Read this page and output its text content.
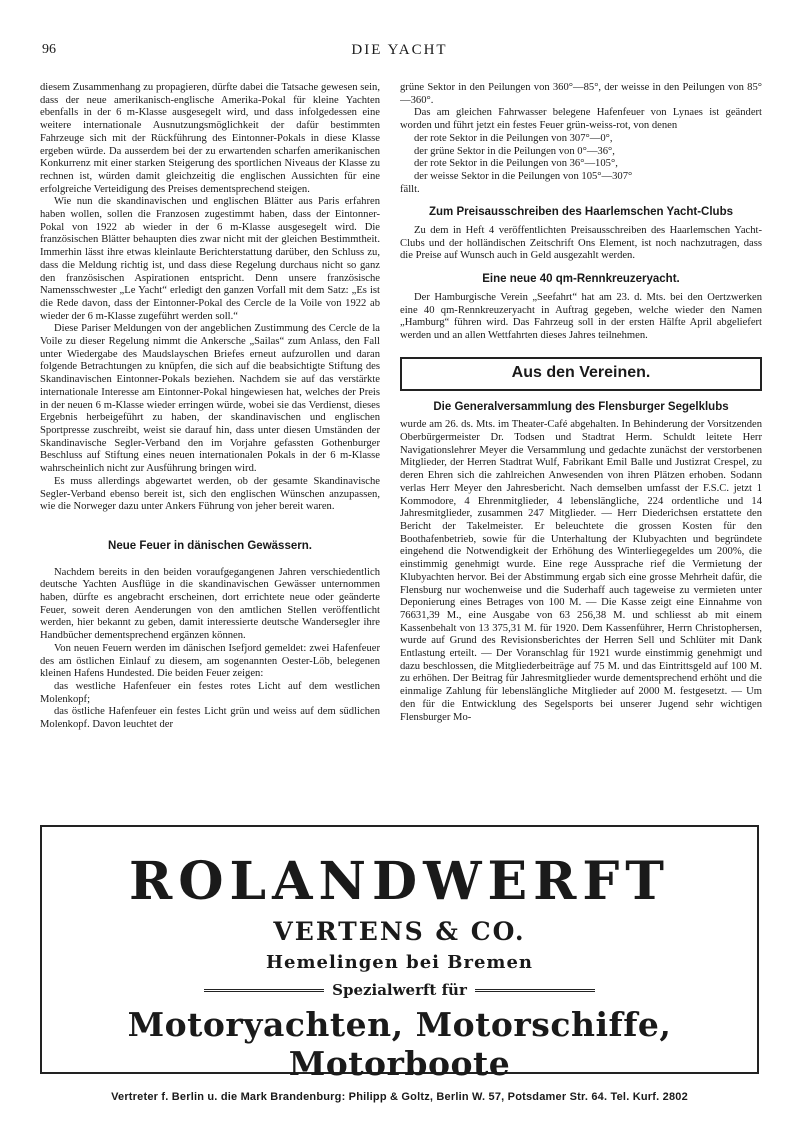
96	DIE YACHT

diesem Zusammenhang zu propagieren, dürfte dabei die Tatsache gewesen sein, dass der neue amerikanisch-englische Amerika-Pokal für kleine Yachten ebenfalls in der 6 m-Klasse ausgesegelt wird, und dass infolgedessen eine weitere internationale Ausnutzungsmöglichkeit der dafür bestimmten Fahrzeuge sich mit der Rückführung des Eintonner-Pokals in diese Klasse ergeben würde. Da ausserdem bei der zu erwartenden scharfen amerikanischen Konkurrenz mit einer starken Steigerung des sportlichen Niveaus der Klasse zu rechnen ist, würden damit gleichzeitig die englischen Aussichten für eine erfolgreiche Verteidigung des Preises dementsprechend steigen.

Wie nun die skandinavischen und englischen Blätter aus Paris erfahren haben wollen, sollen die Franzosen zugestimmt haben, dass der Eintonner-Pokal von 1922 ab wieder in der 6 m-Klasse ausgesegelt wird. Die französischen Blätter behaupten dies zwar nicht mit der gleichen Bestimmtheit. Immerhin lässt ihre etwas kleinlaute Berichterstattung darüber, den Schluss zu, dass die Meldung richtig ist, und dass diese Regelung durchaus nicht so ganz den französischen Aspirationen entspricht. Denn unsere französische Namensschwester „Le Yacht“ erledigt den ganzen Vorfall mit dem Satz: „Es ist die Rede davon, dass der Eintonner-Pokal des Cercle de la Voile von 1922 ab wieder der 6 m-Klasse zugeführt werden soll.“

Diese Pariser Meldungen von der angeblichen Zustimmung des Cercle de la Voile zu dieser Regelung nimmt die Ankersche „Sailas“ zum Anlass, den Fall unter Wiedergabe des Maudslayschen Briefes erneut aufzurollen und daran folgende Betrachtungen zu knüpfen, die sich auf die beabsichtigte Stiftung des Skandinavischen Eintonner-Pokals beziehen. Nachdem sie auf das verstärkte internationale Interesse am Eintonner-Pokal hingewiesen hat, welches der Preis in der neuen 6 m-Klasse wieder erringen würde, wobei sie das Verdienst, dieses Ergebnis herbeigeführt zu haben, der skandinavischen und englischen Sportpresse zuschreibt, weist sie darauf hin, dass unter diesen Umständen der Skandinavische Segler-Verband den im Vorjahre gefassten Gothenburger Beschluss auf Stiftung eines neuen internationalen Pokals in der 6 m-Klasse wahrscheinlich nicht zur Ausführung bringen wird.

Es muss allerdings abgewartet werden, ob der gesamte Skandinavische Segler-Verband ebenso bereit ist, sich den englischen Wünschen anzupassen, wie die Norweger dazu unter Ankers Führung von jeher bereit waren.

Neue Feuer in dänischen Gewässern.

Nachdem bereits in den beiden voraufgegangenen Jahren verschiedentlich deutsche Yachten Ausflüge in die skandinavischen Gewässer unternommen haben, dürfte es angebracht erscheinen, dort errichtete neue oder geänderte Feuer, soweit deren Aenderungen von den amtlichen Stellen veröffentlicht werden, hier bekannt zu geben, damit interessierte deutsche Wandersegler ihre Handbücher dementsprechend ergänzen können.

Von neuen Feuern werden im dänischen Isefjord gemeldet: zwei Hafenfeuer des am östlichen Einlauf zu diesem, am sogenannten Oester-Löb, belegenen kleinen Hafens Hundested. Die beiden Feuer zeigen:

das westliche Hafenfeuer ein festes rotes Licht auf dem westlichen Molenkopf;

das östliche Hafenfeuer ein festes Licht grün und weiss auf dem südlichen Molenkopf. Davon leuchtet der

grüne Sektor in den Peilungen von 360°—85°, der weisse in den Peilungen von 85°—360°.

Das am gleichen Fahrwasser belegene Hafenfeuer von Lynaes ist geändert worden und führt jetzt ein festes Feuer grün-weiss-rot, von denen

der rote Sektor in die Peilungen von 307°—0°,

der grüne Sektor in die Peilungen von 0°—36°,

der rote Sektor in die Peilungen von 36°—105°,

der weisse Sektor in die Peilungen von 105°—307°

fällt.

Zum Preisausschreiben des Haarlemschen Yacht-Clubs

Zu dem in Heft 4 veröffentlichten Preisausschreiben des Haarlemschen Yacht-Clubs und der holländischen Zeitschrift Ons Element, ist noch nachzutragen, dass die Preise auf Wunsch auch in Geld ausgezahlt werden.

Eine neue 40 qm-Rennkreuzeryacht.

Der Hamburgische Verein „Seefahrt“ hat am 23. d. Mts. bei den Oertzwerken eine 40 qm-Rennkreuzeryacht in Auftrag gegeben, welche wieder den Namen „Hamburg“ führen wird. Das Fahrzeug soll in der ersten Hälfte April abgeliefert werden und an allen Wettfahrten dieses Jahres teilnehmen.

Aus den Vereinen.
Die Generalversammlung des Flensburger Segelklubs

wurde am 26. ds. Mts. im Theater-Café abgehalten. In Behinderung der Vorsitzenden Oberbürgermeister Dr. Todsen und Stadtrat Herm. Schuldt leitete Herr Navigationslehrer Meyer die Versammlung und gedachte zunächst der verstorbenen Mitglieder, der Herren Stadtrat Wulf, Fabrikant Emil Balle und Justizrat Crespel, zu deren Ehren sich die zahlreichen Anwesenden von ihren Plätzen erhoben. Sodann verlas Herr Meyer den Jahresbericht. Nach demselben umfasst der F.S.C. jetzt 1 Kommodore, 4 Ehrenmitglieder, 4 lebenslängliche, 224 ordentliche und 14 Jahresmitglieder, zusammen 247 Mitglieder. — Herr Diederichsen erstattete den Bericht der Takelmeister. Er beleuchtete die grossen Kosten für den Boothafenbetrieb, sowie für die Unterhaltung der Klubyachten und begründete eingehend die Notwendigkeit der Erhöhung des Winterliegegeldes um 200%, die einstimmig genehmigt wurde. Eine rege Aussprache rief die Vermietung der Klubyachten hervor. Bei der Abstimmung ergab sich eine grosse Mehrheit dafür, die Flensburg nur wochenweise und die Suderhaff auch tageweise zu vermieten unter Deponierung eines Betrages von 100 M. — Die Kasse zeigt eine Einnahme von 76631,39 M., eine Ausgabe von 63 256,38 M. und schliesst ab mit einem Kassenbehalt von 13 375,31 M. für 1920. Dem Kassenführer, Herrn Christophersen, wurde auf Grund des Revisionsberichtes der Herren Sell und Schlüter mit Dank Entlastung erteilt. — Der Voranschlag für 1921 wurde einstimmig genehmigt und dazu beschlossen, die Mitgliederbeiträge auf 75 M. und das Eintrittsgeld auf 100 M. zu erhöhen. Der Beitrag für Jahresmitglieder wurde dementsprechend erhöht und die einmalige Zahlung für lebenslängliche Mitglieder auf 2000 M. festgesetzt. — Um den für die Entwicklung des Segelsports bei unserer Jugend sehr wichtigen Flensburger Mo-

ROLANDWERFT
VERTENS & CO.
Hemelingen bei Bremen
Spezialwerft für
Motoryachten, Motorschiffe, Motorboote
Vertreter f. Berlin u. die Mark Brandenburg: Philipp & Goltz, Berlin W. 57, Potsdamer Str. 64. Tel. Kurf. 2802
